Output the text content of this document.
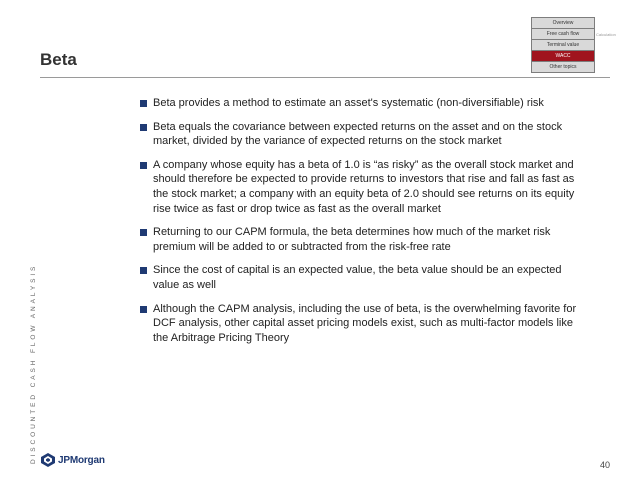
Overview
Free cash flow
Terminal value
WACC
Other topics
Calculation
Beta
DISCOUNTED CASH FLOW ANALYSIS
Beta provides a method to estimate an asset's systematic (non-diversifiable) risk
Beta equals the covariance between expected returns on the asset and on the stock market, divided by the variance of expected returns on the stock market
A company whose equity has a beta of 1.0 is “as risky” as the overall stock market and should therefore be expected to provide returns to investors that rise and fall as fast as the stock market; a company with an equity beta of 2.0 should see returns on its equity rise twice as fast or drop twice as fast as the overall market
Returning to our CAPM formula, the beta determines how much of the market risk premium will be added to or subtracted from the risk-free rate
Since the cost of capital is an expected value, the beta value should be an expected value as well
Although the CAPM analysis, including the use of beta, is the overwhelming favorite for DCF analysis, other capital asset pricing models exist, such as multi-factor models like the Arbitrage Pricing Theory
JPMorgan	40
